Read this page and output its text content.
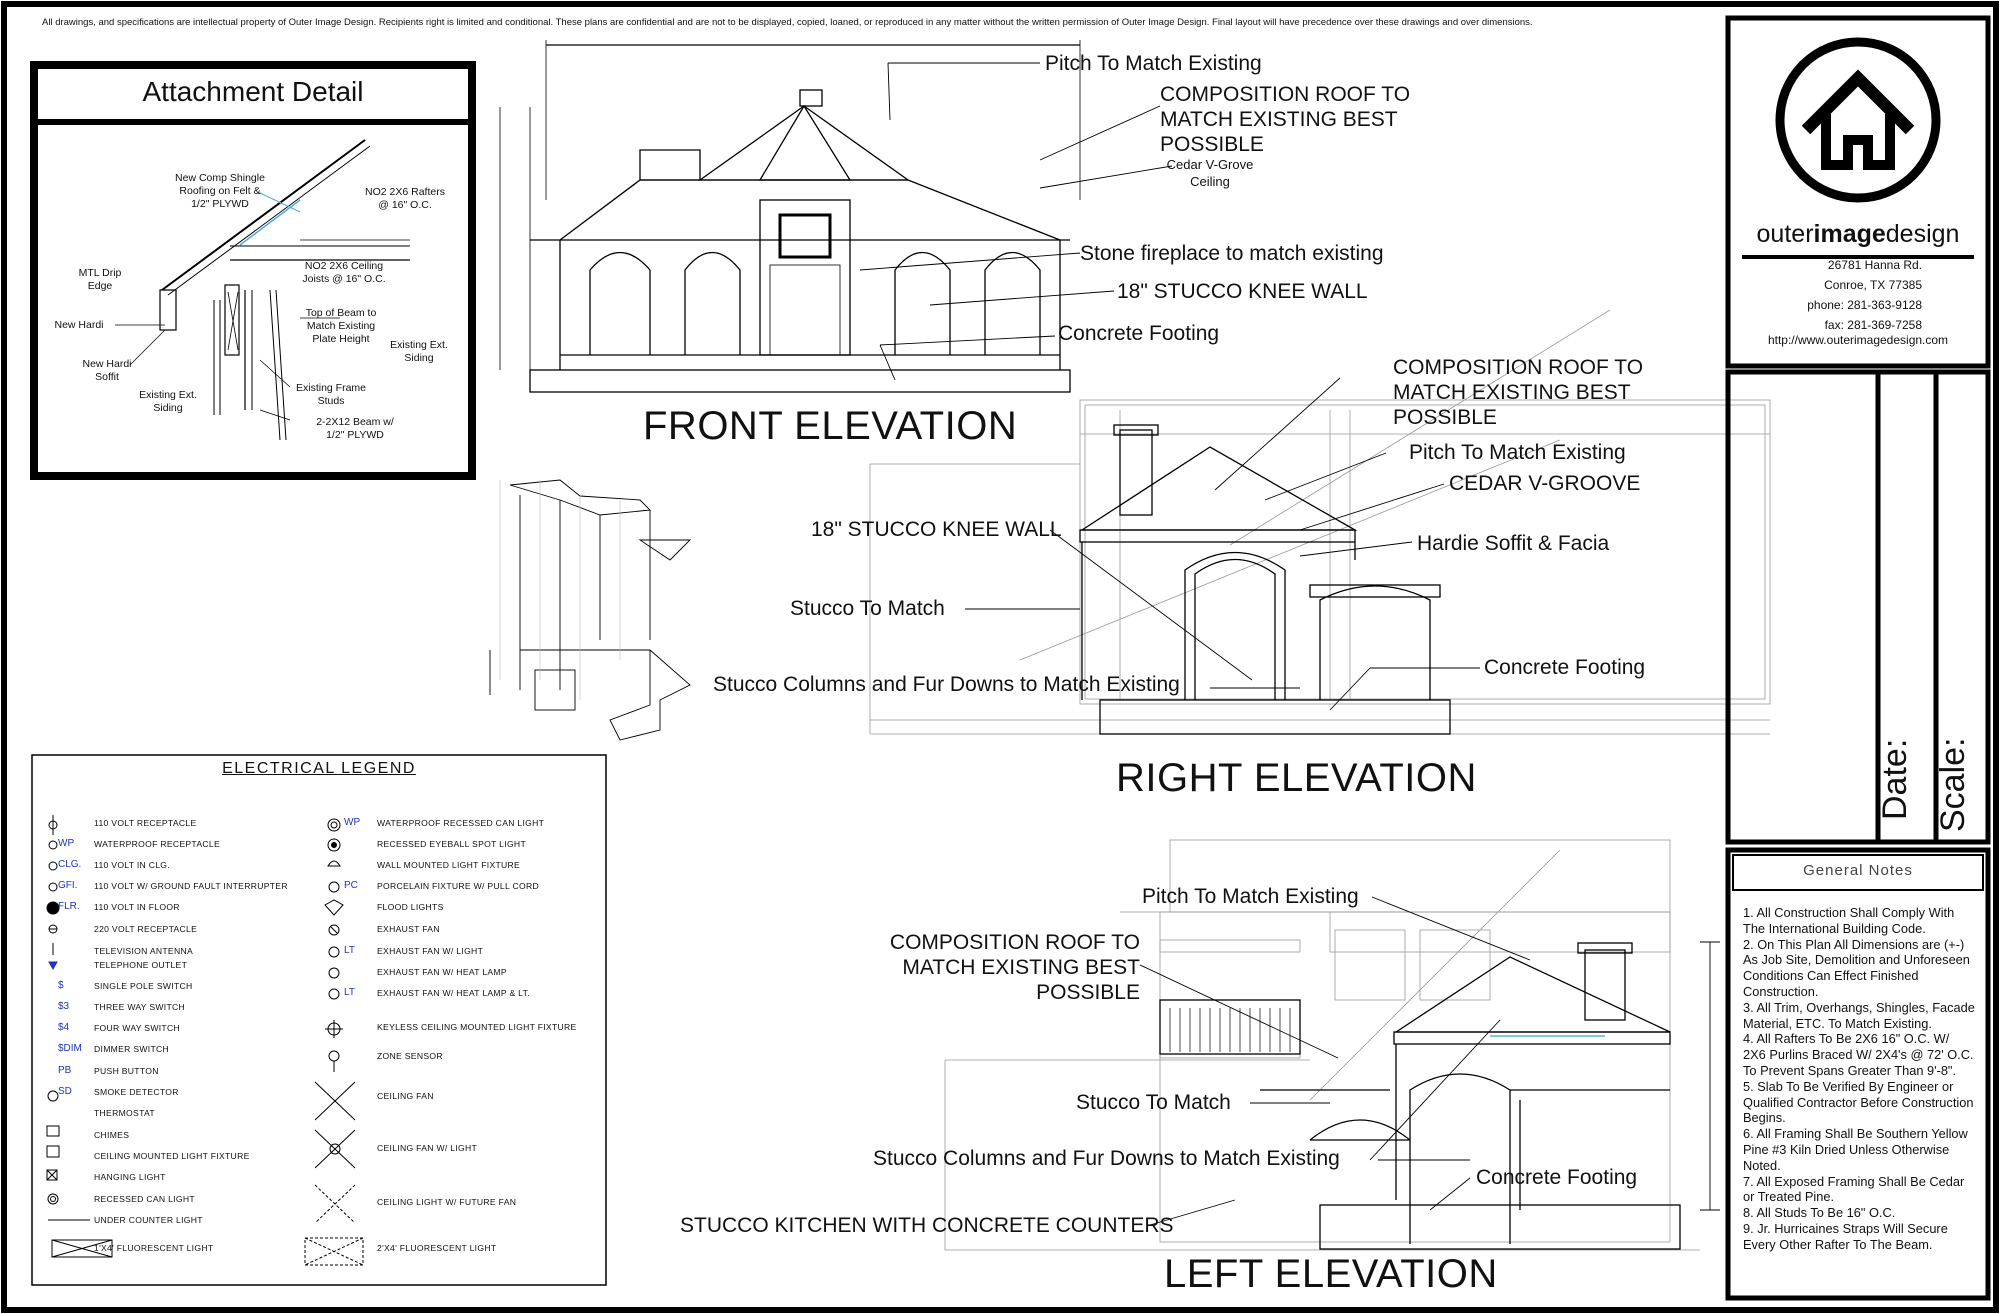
All drawings, and specifications are intellectual property of Outer Image Design. Recipients right is limited and conditional. These plans are confidential and are not to be displayed, copied, loaned, or reproduced in any matter without the written permission of Outer Image Design. Final layout will have precedence over these drawings and over dimensions.
Attachment Detail
New Comp Shingle Roofing on Felt & 1/2" PLYWD
NO2 2X6 Rafters @ 16" O.C.
NO2 2X6 Ceiling Joists @ 16" O.C.
MTL Drip Edge
New Hardi
Top of Beam to Match Existing Plate Height	Existing Ext. Siding
New Hardi Soffit
Existing Ext. Siding
Existing Frame Studs
2-2X12 Beam w/ 1/2" PLYWD
Pitch To Match Existing
COMPOSITION ROOF TO MATCH EXISTING BEST POSSIBLE
Cedar V-Grove Ceiling
Stone fireplace to match existing
18" STUCCO KNEE WALL
Concrete Footing
FRONT ELEVATION
COMPOSITION ROOF TO MATCH EXISTING BEST POSSIBLE
Pitch To Match Existing
CEDAR V-GROOVE
18" STUCCO KNEE WALL
Hardie Soffit & Facia
Stucco To Match
Stucco Columns and Fur Downs to Match Existing
Concrete Footing
RIGHT ELEVATION
Pitch To Match Existing
COMPOSITION ROOF TO MATCH EXISTING BEST POSSIBLE
Stucco To Match
Stucco Columns and Fur Downs to Match Existing
Concrete Footing
STUCCO KITCHEN WITH CONCRETE COUNTERS
LEFT ELEVATION
ELECTRICAL LEGEND
110 VOLT RECEPTACLE
WATERPROOF RECEPTACLE
WP
110 VOLT IN CLG.
CLG.
110 VOLT W/ GROUND FAULT INTERRUPTER
GFI.
110 VOLT IN FLOOR
FLR.
220 VOLT RECEPTACLE
TELEVISION ANTENNA
TELEPHONE OUTLET
SINGLE POLE SWITCH
$
THREE WAY SWITCH
$3
FOUR WAY SWITCH
$4
DIMMER SWITCH
$DIM
PUSH BUTTON
PB
SMOKE DETECTOR
SD
THERMOSTAT
CHIMES
CEILING MOUNTED LIGHT FIXTURE
HANGING LIGHT
RECESSED CAN LIGHT
UNDER COUNTER LIGHT
1'X4' FLUORESCENT LIGHT
WATERPROOF RECESSED CAN LIGHT
WP
RECESSED EYEBALL SPOT LIGHT
WALL MOUNTED LIGHT FIXTURE
PORCELAIN FIXTURE W/ PULL CORD
PC
FLOOD LIGHTS
EXHAUST FAN
EXHAUST FAN W/ LIGHT
LT
EXHAUST FAN W/ HEAT LAMP
EXHAUST FAN W/ HEAT LAMP & LT.
LT
KEYLESS CEILING MOUNTED LIGHT FIXTURE
ZONE SENSOR
CEILING FAN
CEILING FAN W/ LIGHT
CEILING LIGHT W/ FUTURE FAN
2'X4' FLUORESCENT LIGHT
outerimagedesign
26781 Hanna Rd.
Conroe, TX 77385
phone: 281-363-9128
fax: 281-369-7258
http://www.outerimagedesign.com
Date: Scale:
General Notes
1. All Construction Shall Comply With The International Building Code.
2. On This Plan All Dimensions are (+-) As Job Site, Demolition and Unforeseen Conditions Can Effect Finished Construction.
3. All Trim, Overhangs, Shingles, Facade Material, ETC. To Match Existing.
4. All Rafters To Be 2X6 16" O.C. W/ 2X6 Purlins Braced W/ 2X4's @ 72' O.C. To Prevent Spans Greater Than 9'-8".
5. Slab To Be Verified By Engineer or Qualified Contractor Before Construction Begins.
6. All Framing Shall Be Southern Yellow Pine #3 Kiln Dried Unless Otherwise Noted.
7. All Exposed Framing Shall Be Cedar or Treated Pine.
8. All Studs To Be 16" O.C.
9. Jr. Hurricaines Straps Will Secure Every Other Rafter To The Beam.
